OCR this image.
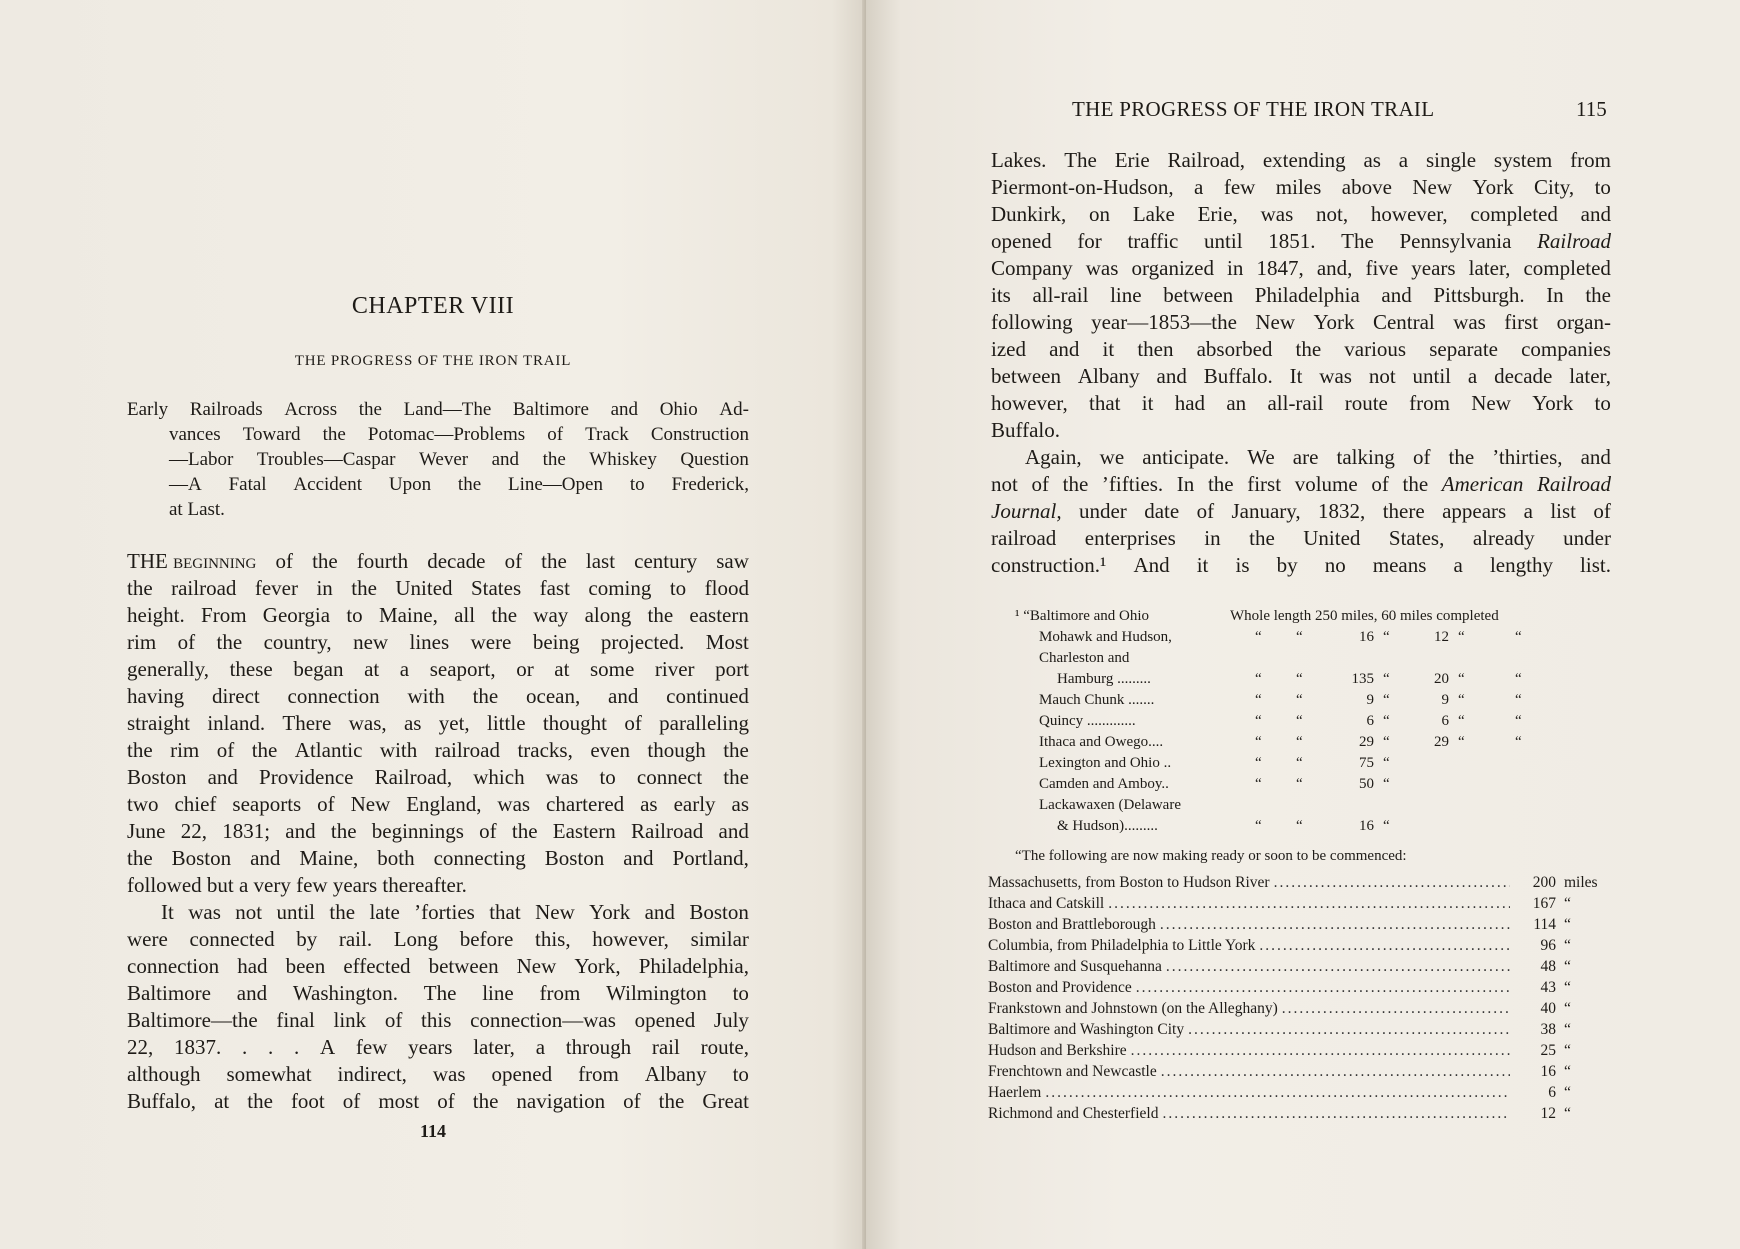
CHAPTER VIII
THE PROGRESS OF THE IRON TRAIL
Early Railroads Across the Land—The Baltimore and Ohio Ad-
vances Toward the Potomac—Problems of Track Construction
—Labor Troubles—Caspar Wever and the Whiskey Question
—A Fatal Accident Upon the Line—Open to Frederick,
at Last.
THE beginning of the fourth decade of the last century saw
the railroad fever in the United States fast coming to flood
height. From Georgia to Maine, all the way along the eastern
rim of the country, new lines were being projected. Most
generally, these began at a seaport, or at some river port
having direct connection with the ocean, and continued
straight inland. There was, as yet, little thought of paralleling
the rim of the Atlantic with railroad tracks, even though the
Boston and Providence Railroad, which was to connect the
two chief seaports of New England, was chartered as early as
June 22, 1831; and the beginnings of the Eastern Railroad and
the Boston and Maine, both connecting Boston and Portland,
followed but a very few years thereafter.
It was not until the late ’forties that New York and Boston
were connected by rail. Long before this, however, similar
connection had been effected between New York, Philadelphia,
Baltimore and Washington. The line from Wilmington to
Baltimore—the final link of this connection—was opened July
22, 1837. . . . A few years later, a through rail route,
although somewhat indirect, was opened from Albany to
Buffalo, at the foot of most of the navigation of the Great
114
THE PROGRESS OF THE IRON TRAIL	115
Lakes. The Erie Railroad, extending as a single system from
Piermont-on-Hudson, a few miles above New York City, to
Dunkirk, on Lake Erie, was not, however, completed and
opened for traffic until 1851. The Pennsylvania Railroad
Company was organized in 1847, and, five years later, completed
its all-rail line between Philadelphia and Pittsburgh. In the
following year—1853—the New York Central was first organ-
ized and it then absorbed the various separate companies
between Albany and Buffalo. It was not until a decade later,
however, that it had an all-rail route from New York to
Buffalo.
Again, we anticipate. We are talking of the ’thirties, and
not of the ’fifties. In the first volume of the American Railroad
Journal, under date of January, 1832, there appears a list of
railroad enterprises in the United States, already under
construction.¹ And it is by no means a lengthy list.
¹ “Baltimore and Ohio	Whole length 250 miles, 60 miles completed
Mohawk and Hudson,	“ “	16 “	12 “	“
Charleston and
Hamburg .........	“ “	135 “	20 “	“
Mauch Chunk .......	“ “	9 “	9 “	“
Quincy .............	“ “	6 “	6 “	“
Ithaca and Owego....	“ “	29 “	29 “	“
Lexington and Ohio ..	“ “	75 “
Camden and Amboy..	“ “	50 “
Lackawaxen (Delaware
& Hudson).........	“ “	16 “
“The following are now making ready or soon to be commenced:
Massachusetts, from Boston to Hudson River .....	200 miles
Ithaca and Catskill .....	167 “
Boston and Brattleborough .....	114 “
Columbia, from Philadelphia to Little York .....	96 “
Baltimore and Susquehanna .....	48 “
Boston and Providence .....	43 “
Frankstown and Johnstown (on the Alleghany) .....	40 “
Baltimore and Washington City .....	38 “
Hudson and Berkshire .....	25 “
Frenchtown and Newcastle .....	16 “
Haerlem .....	6 “
Richmond and Chesterfield .....	12 “
